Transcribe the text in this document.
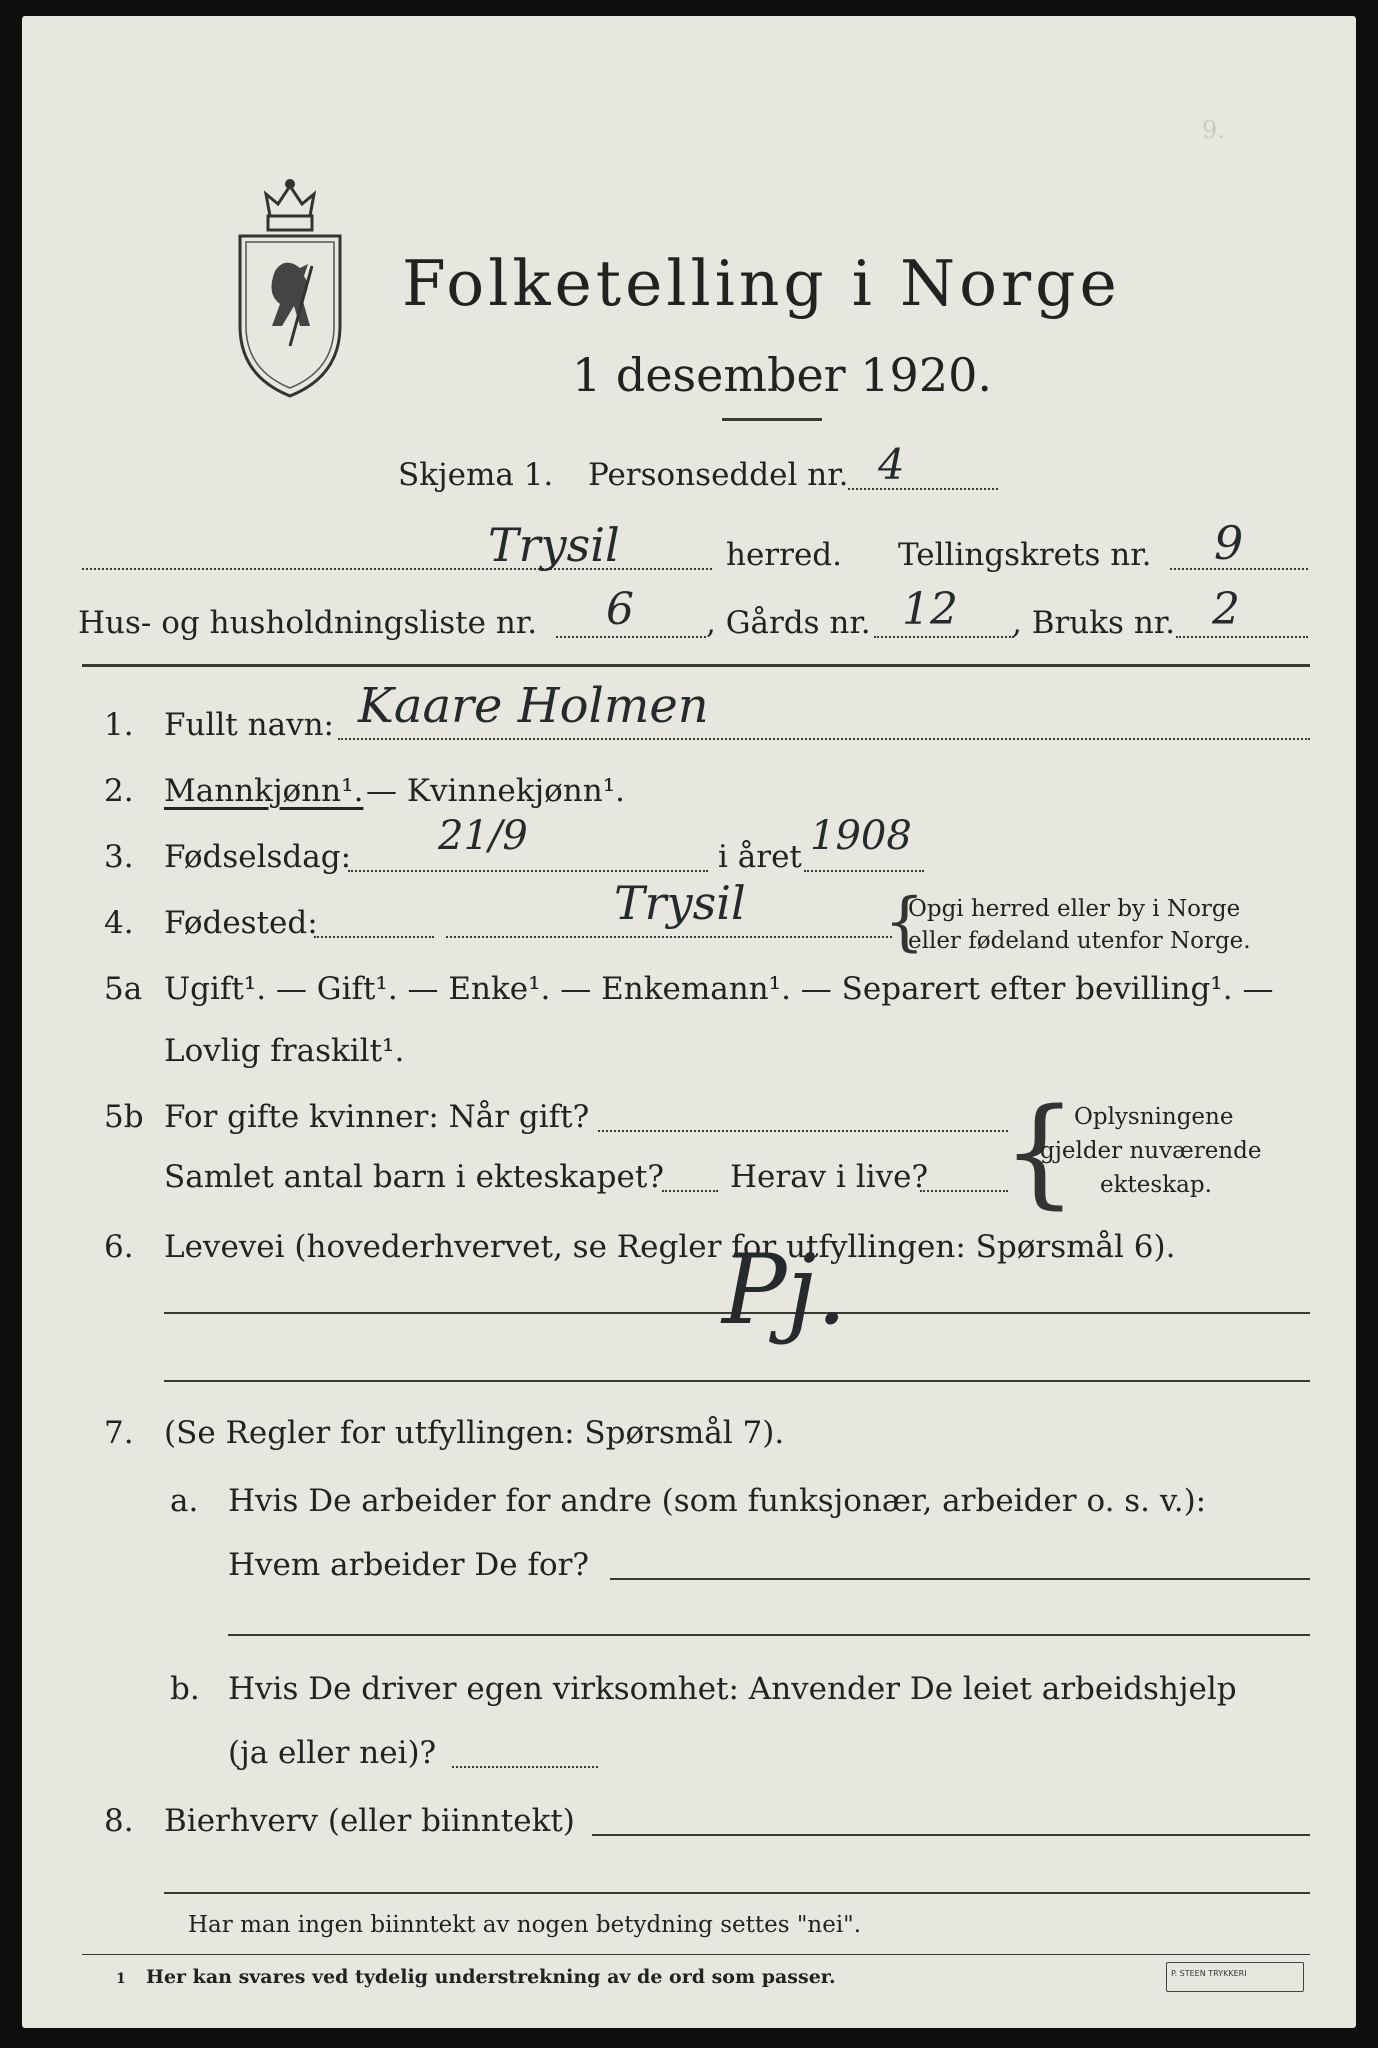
9.

Folketelling i Norge
1 desember 1920.
Skjema 1. Personseddel nr. 4
Trysil	herred. Tellingskrets nr. 9
Hus- og husholdningsliste nr. 6 , Gårds nr. 12 , Bruks nr. 2
1. Fullt navn: Kaare Holmen
2. Mannkjønn¹. — Kvinnekjønn¹.
3. Fødselsdag: 21/9	i året 1908
4. Fødested:	Trysil {
Opgi herred eller by i Norge
eller fødeland utenfor Norge.
5a Ugift¹. — Gift¹. — Enke¹. — Enkemann¹. — Separert efter bevilling¹. —
Lovlig fraskilt¹.
5b For gifte kvinner: Når gift?
Samlet antal barn i ekteskapet? Herav i live? {
Oplysningene
gjelder nuværende
ekteskap.
6. Levevei (hovederhvervet, se Regler for utfyllingen: Spørsmål 6).
Pj.
7. (Se Regler for utfyllingen: Spørsmål 7).
a. Hvis De arbeider for andre (som funksjonær, arbeider o. s. v.):
Hvem arbeider De for?
b. Hvis De driver egen virksomhet: Anvender De leiet arbeidshjelp
(ja eller nei)?
8. Bierhverv (eller biinntekt)
Har man ingen biinntekt av nogen betydning settes "nei".
1 Her kan svares ved tydelig understrekning av de ord som passer.	P. STEEN TRYKKERI
